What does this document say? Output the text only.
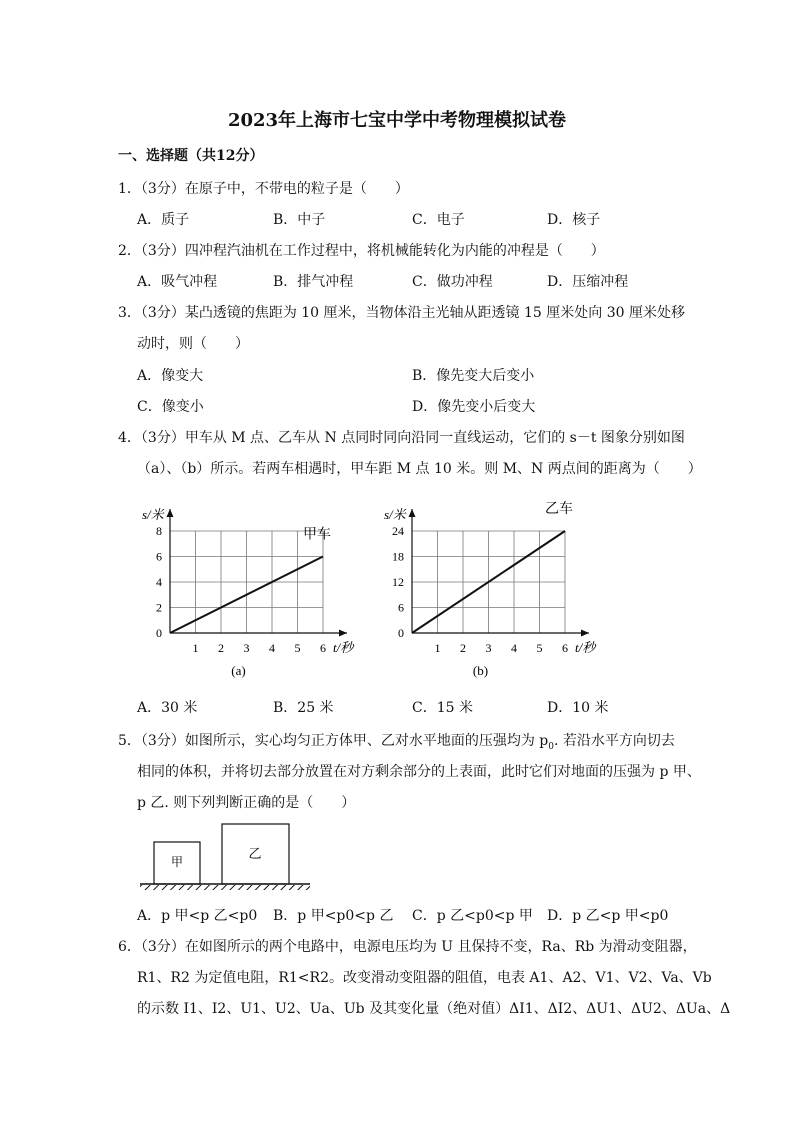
2023年上海市七宝中学中考物理模拟试卷
一、选择题（共12分）
1．（3分）在原子中，不带电的粒子是（　　）
A．质子	B．中子	C．电子	D．核子
2．（3分）四冲程汽油机在工作过程中，将机械能转化为内能的冲程是（　　）
A．吸气冲程	B．排气冲程	C．做功冲程	D．压缩冲程
3．（3分）某凸透镜的焦距为 10 厘米，当物体沿主光轴从距透镜 15 厘米处向 30 厘米处移
动时，则（　　）
A．像变大	B．像先变大后变小
C．像变小	D．像先变小后变大
4．（3分）甲车从 M 点、乙车从 N 点同时同向沿同一直线运动，它们的 s－t 图象分别如图
（a）、（b）所示。若两车相遇时，甲车距 M 点 10 米。则 M、N 两点间的距离为（　　）
1 2 3 4 5 6
2
4
6
8
0
s/米
t/秒
甲车
(a)
1 2 3 4 5 6
6
12
18
24
0
s/米
t/秒
乙车
(b)
A．30 米	B．25 米	C．15 米	D．10 米
5．（3分）如图所示，实心均匀正方体甲、乙对水平地面的压强均为 $p_0$. 若沿水平方向切去
相同的体积，并将切去部分放置在对方剩余部分的上表面，此时它们对地面的压强为 p 甲、
p 乙. 则下列判断正确的是（　　）
甲	乙
A．p 甲<p 乙<p0 B．p 甲<p0<p 乙 C．p 乙<p0<p 甲 D．p 乙<p 甲<p0
6．（3分）在如图所示的两个电路中，电源电压均为 U 且保持不变，Ra、Rb 为滑动变阻器，
R1、R2 为定值电阻，R1<R2。改变滑动变阻器的阻值，电表 A1、A2、V1、V2、Va、Vb
的示数 I1、I2、U1、U2、Ua、Ub 及其变化量（绝对值）ΔI1、ΔI2、ΔU1、ΔU2、ΔUa、Δ
